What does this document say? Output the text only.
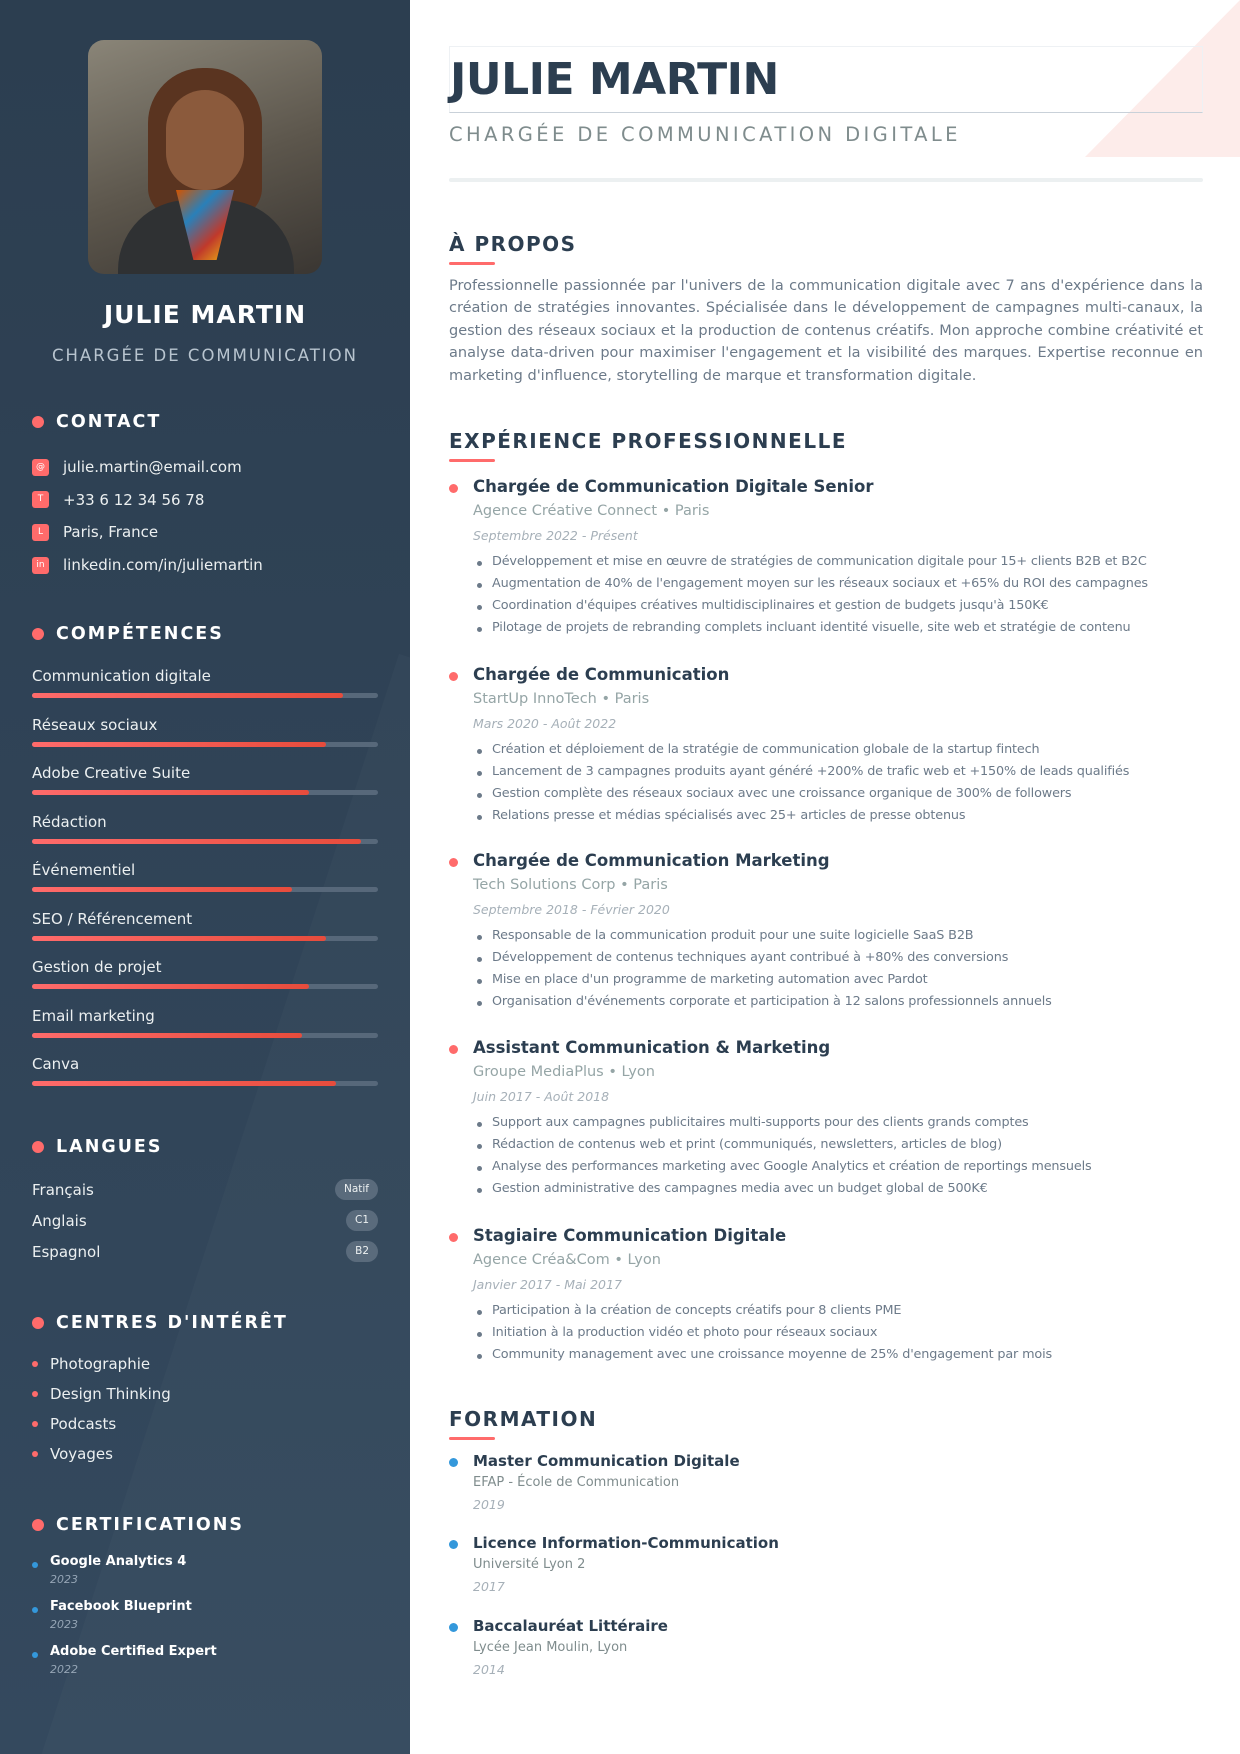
JULIE MARTIN
CHARGÉE DE COMMUNICATION
CONTACT
@ julie.martin@email.com
T	+33 6 12 34 56 78
L	Paris, France
in linkedin.com/in/juliemartin
COMPÉTENCES
Communication digitale
Réseaux sociaux
Adobe Creative Suite
Rédaction
Événementiel
SEO / Référencement
Gestion de projet
Email marketing
Canva
LANGUES
Français	Natif
Anglais	C1
Espagnol	B2
CENTRES D'INTÉRÊT
Photographie
Design Thinking
Podcasts
Voyages
CERTIFICATIONS
Google Analytics 4
2023
Facebook Blueprint
2023
Adobe Certified Expert
2022
JULIE MARTIN
CHARGÉE DE COMMUNICATION DIGITALE
À PROPOS

Professionnelle passionnée par l'univers de la communication digitale avec 7 ans d'expérience dans la création de stratégies innovantes. Spécialisée dans le développement de campagnes multi-canaux, la gestion des réseaux sociaux et la production de contenus créatifs. Mon approche combine créativité et analyse data-driven pour maximiser l'engagement et la visibilité des marques. Expertise reconnue en marketing d'influence, storytelling de marque et transformation digitale.

EXPÉRIENCE PROFESSIONNELLE
Chargée de Communication Digitale Senior
Agence Créative Connect • Paris
Septembre 2022 - Présent
Développement et mise en œuvre de stratégies de communication digitale pour 15+ clients B2B et B2C
Augmentation de 40% de l'engagement moyen sur les réseaux sociaux et +65% du ROI des campagnes
Coordination d'équipes créatives multidisciplinaires et gestion de budgets jusqu'à 150K€
Pilotage de projets de rebranding complets incluant identité visuelle, site web et stratégie de contenu
Chargée de Communication
StartUp InnoTech • Paris
Mars 2020 - Août 2022
Création et déploiement de la stratégie de communication globale de la startup fintech
Lancement de 3 campagnes produits ayant généré +200% de trafic web et +150% de leads qualifiés
Gestion complète des réseaux sociaux avec une croissance organique de 300% de followers
Relations presse et médias spécialisés avec 25+ articles de presse obtenus
Chargée de Communication Marketing
Tech Solutions Corp • Paris
Septembre 2018 - Février 2020
Responsable de la communication produit pour une suite logicielle SaaS B2B
Développement de contenus techniques ayant contribué à +80% des conversions
Mise en place d'un programme de marketing automation avec Pardot
Organisation d'événements corporate et participation à 12 salons professionnels annuels
Assistant Communication & Marketing
Groupe MediaPlus • Lyon
Juin 2017 - Août 2018
Support aux campagnes publicitaires multi-supports pour des clients grands comptes
Rédaction de contenus web et print (communiqués, newsletters, articles de blog)
Analyse des performances marketing avec Google Analytics et création de reportings mensuels
Gestion administrative des campagnes media avec un budget global de 500K€
Stagiaire Communication Digitale
Agence Créa&Com • Lyon
Janvier 2017 - Mai 2017
Participation à la création de concepts créatifs pour 8 clients PME
Initiation à la production vidéo et photo pour réseaux sociaux
Community management avec une croissance moyenne de 25% d'engagement par mois
FORMATION
Master Communication Digitale
EFAP - École de Communication
2019
Licence Information-Communication
Université Lyon 2
2017
Baccalauréat Littéraire
Lycée Jean Moulin, Lyon
2014
